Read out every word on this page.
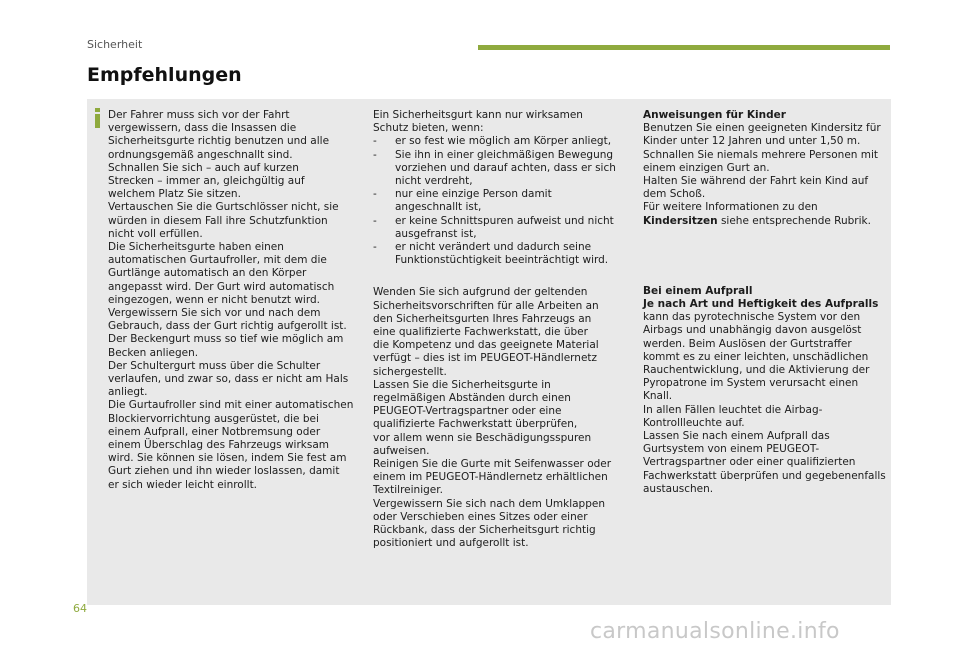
Sicherheit
Empfehlungen

Der Fahrer muss sich vor der Fahrt
vergewissern, dass die Insassen die
Sicherheitsgurte richtig benutzen und alle
ordnungsgemäß angeschnallt sind.
Schnallen Sie sich – auch auf kurzen
Strecken – immer an, gleichgültig auf
welchem Platz Sie sitzen.
Vertauschen Sie die Gurtschlösser nicht, sie
würden in diesem Fall ihre Schutzfunktion
nicht voll erfüllen.
Die Sicherheitsgurte haben einen
automatischen Gurtaufroller, mit dem die
Gurtlänge automatisch an den Körper
angepasst wird. Der Gurt wird automatisch
eingezogen, wenn er nicht benutzt wird.
Vergewissern Sie sich vor und nach dem
Gebrauch, dass der Gurt richtig aufgerollt ist.
Der Beckengurt muss so tief wie möglich am
Becken anliegen.
Der Schultergurt muss über die Schulter
verlaufen, und zwar so, dass er nicht am Hals
anliegt.
Die Gurtaufroller sind mit einer automatischen
Blockiervorrichtung ausgerüstet, die bei
einem Aufprall, einer Notbremsung oder
einem Überschlag des Fahrzeugs wirksam
wird. Sie können sie lösen, indem Sie fest am
Gurt ziehen und ihn wieder loslassen, damit
er sich wieder leicht einrollt.

Ein Sicherheitsgurt kann nur wirksamen
Schutz bieten, wenn:

- er so fest wie möglich am Körper anliegt,

- Sie ihn in einer gleichmäßigen Bewegung
vorziehen und darauf achten, dass er sich
nicht verdreht,

- nur eine einzige Person damit
angeschnallt ist,

- er keine Schnittspuren aufweist und nicht
ausgefranst ist,

- er nicht verändert und dadurch seine
Funktionstüchtigkeit beeinträchtigt wird.

Wenden Sie sich aufgrund der geltenden
Sicherheitsvorschriften für alle Arbeiten an
den Sicherheitsgurten Ihres Fahrzeugs an
eine qualifizierte Fachwerkstatt, die über
die Kompetenz und das geeignete Material
verfügt – dies ist im PEUGEOT-Händlernetz
sichergestellt.
Lassen Sie die Sicherheitsgurte in
regelmäßigen Abständen durch einen
PEUGEOT-Vertragspartner oder eine
qualifizierte Fachwerkstatt überprüfen,
vor allem wenn sie Beschädigungsspuren
aufweisen.
Reinigen Sie die Gurte mit Seifenwasser oder
einem im PEUGEOT-Händlernetz erhältlichen
Textilreiniger.
Vergewissern Sie sich nach dem Umklappen
oder Verschieben eines Sitzes oder einer
Rückbank, dass der Sicherheitsgurt richtig
positioniert und aufgerollt ist.

Anweisungen für Kinder

Benutzen Sie einen geeigneten Kindersitz für
Kinder unter 12 Jahren und unter 1,50 m.
Schnallen Sie niemals mehrere Personen mit
einem einzigen Gurt an.
Halten Sie während der Fahrt kein Kind auf
dem Schoß.
Für weitere Informationen zu den

Kindersitzen siehe entsprechende Rubrik.

Bei einem Aufprall

Je nach Art und Heftigkeit des Aufpralls

kann das pyrotechnische System vor den
Airbags und unabhängig davon ausgelöst
werden. Beim Auslösen der Gurtstraffer
kommt es zu einer leichten, unschädlichen
Rauchentwicklung, und die Aktivierung der
Pyropatrone im System verursacht einen
Knall.
In allen Fällen leuchtet die Airbag-
Kontrollleuchte auf.
Lassen Sie nach einem Aufprall das
Gurtsystem von einem PEUGEOT-
Vertragspartner oder einer qualifizierten
Fachwerkstatt überprüfen und gegebenenfalls
austauschen.

64
carmanualsonline.info
